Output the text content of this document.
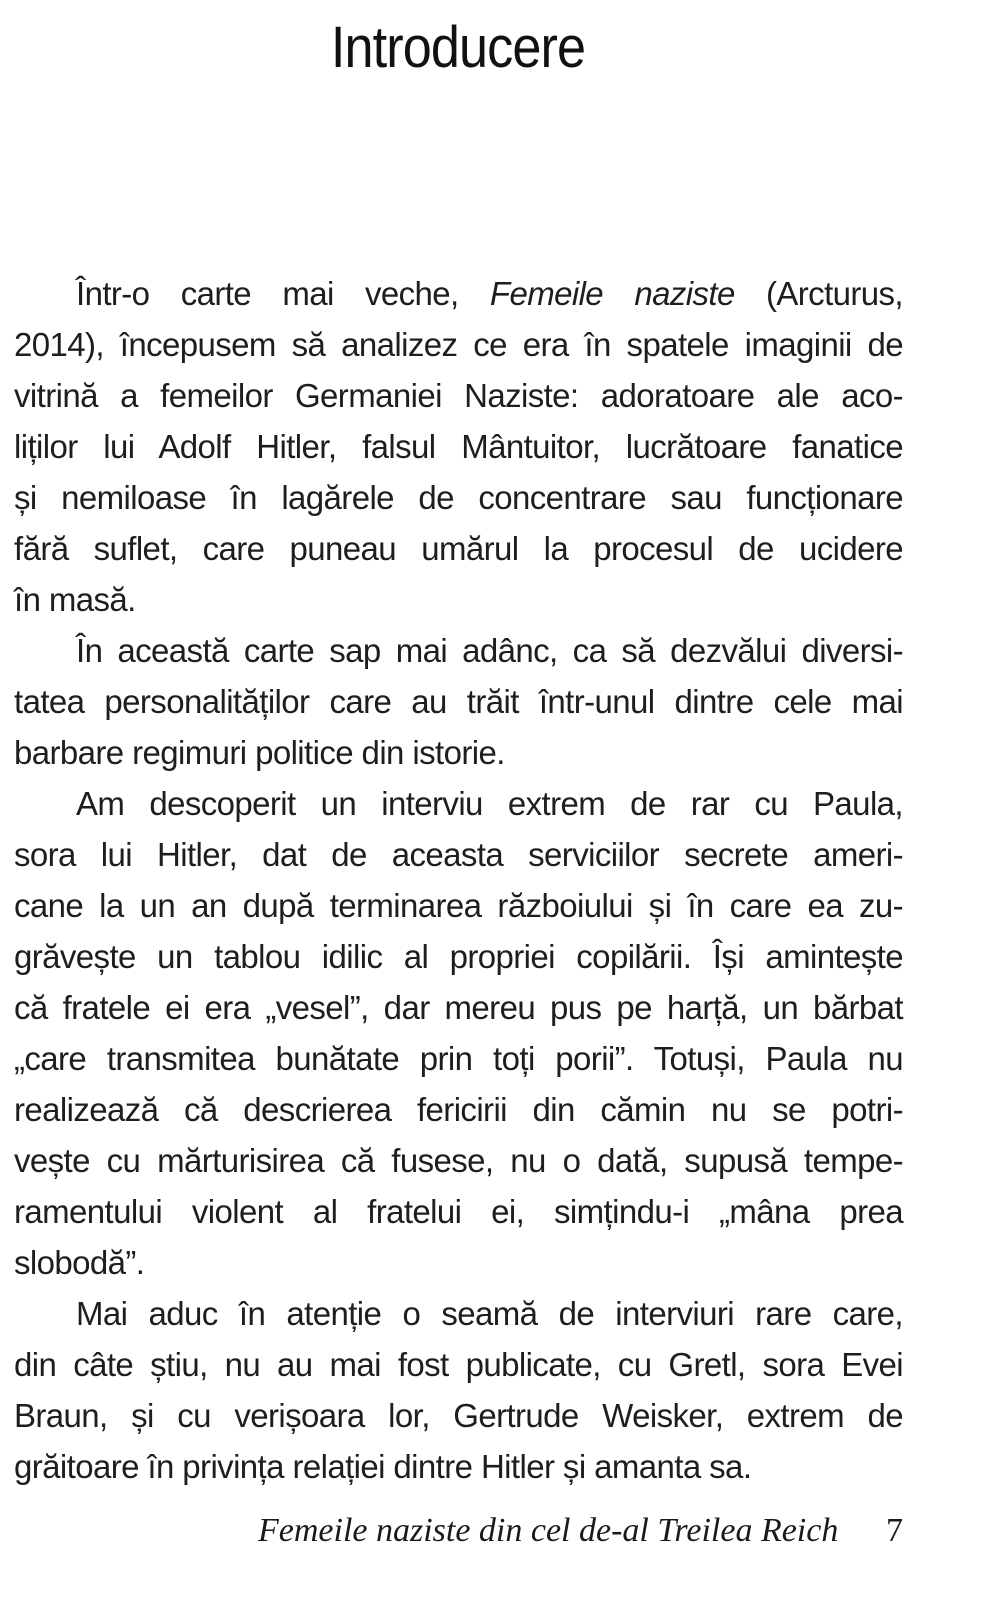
Introducere
Într-o carte mai veche, Femeile naziste (Arcturus,
2014), începusem să analizez ce era în spatele imaginii de
vitrină a femeilor Germaniei Naziste: adoratoare ale aco-
liților lui Adolf Hitler, falsul Mântuitor, lucrătoare fanatice
și nemiloase în lagărele de concentrare sau funcționare
fără suflet, care puneau umărul la procesul de ucidere
în masă.
În această carte sap mai adânc, ca să dezvălui diversi-
tatea personalităților care au trăit într-unul dintre cele mai
barbare regimuri politice din istorie.
Am descoperit un interviu extrem de rar cu Paula,
sora lui Hitler, dat de aceasta serviciilor secrete ameri-
cane la un an după terminarea războiului și în care ea zu-
grăvește un tablou idilic al propriei copilării. Își amintește
că fratele ei era „vesel”, dar mereu pus pe harță, un bărbat
„care transmitea bunătate prin toți porii”. Totuși, Paula nu
realizează că descrierea fericirii din cămin nu se potri-
vește cu mărturisirea că fusese, nu o dată, supusă tempe-
ramentului violent al fratelui ei, simțindu-i „mâna prea
slobodă”.
Mai aduc în atenție o seamă de interviuri rare care,
din câte știu, nu au mai fost publicate, cu Gretl, sora Evei
Braun, și cu verișoara lor, Gertrude Weisker, extrem de
grăitoare în privința relației dintre Hitler și amanta sa.
Femeile naziste din cel de-al Treilea Reich 7
